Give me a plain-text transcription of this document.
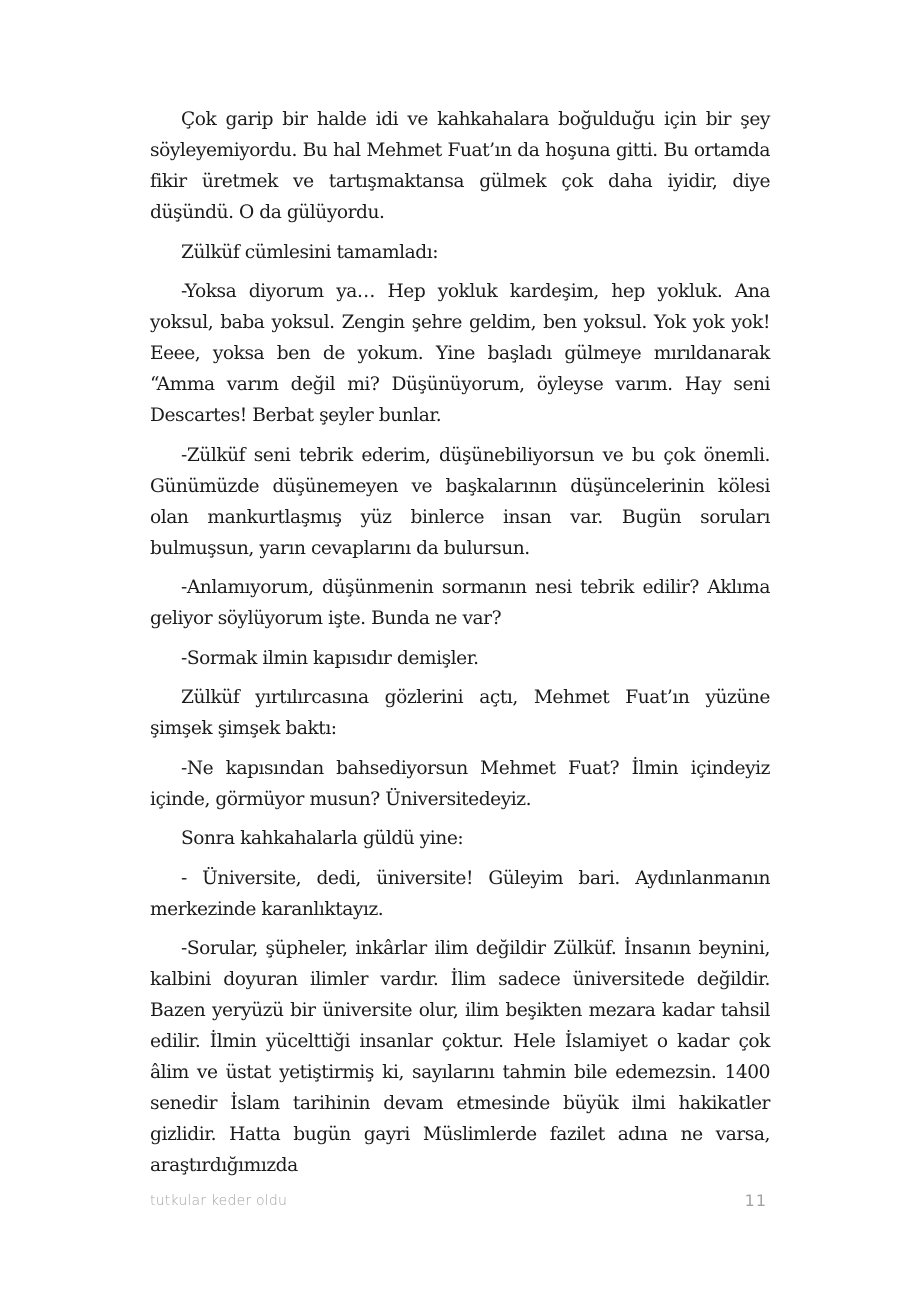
Çok garip bir halde idi ve kahkahalara boğulduğu için bir şey söyleyemiyordu. Bu hal Mehmet Fuat’ın da hoşuna gitti. Bu ortamda fikir üretmek ve tartışmaktansa gülmek çok daha iyidir, diye düşündü. O da gülüyordu.

Zülküf cümlesini tamamladı:

-Yoksa diyorum ya… Hep yokluk kardeşim, hep yokluk. Ana yoksul, baba yoksul. Zengin şehre geldim, ben yoksul. Yok yok yok! Eeee, yoksa ben de yokum. Yine başladı gülmeye mırıldanarak “Amma varım değil mi? Düşünüyorum, öyleyse varım. Hay seni Descartes! Berbat şeyler bunlar.

-Zülküf seni tebrik ederim, düşünebiliyorsun ve bu çok önemli. Günümüzde düşünemeyen ve başkalarının düşüncelerinin kölesi olan mankurtlaşmış yüz binlerce insan var. Bugün soruları bulmuşsun, yarın cevaplarını da bulursun.

-Anlamıyorum, düşünmenin sormanın nesi tebrik edilir? Aklıma geliyor söylüyorum işte. Bunda ne var?

-Sormak ilmin kapısıdır demişler.

Zülküf yırtılırcasına gözlerini açtı, Mehmet Fuat’ın yüzüne şimşek şimşek baktı:

-Ne kapısından bahsediyorsun Mehmet Fuat? İlmin içindeyiz içinde, görmüyor musun? Üniversitedeyiz.

Sonra kahkahalarla güldü yine:

- Üniversite, dedi, üniversite! Güleyim bari. Aydınlanmanın merkezinde karanlıktayız.

-Sorular, şüpheler, inkârlar ilim değildir Zülküf. İnsanın beynini, kalbini doyuran ilimler vardır. İlim sadece üniversitede değildir. Bazen yeryüzü bir üniversite olur, ilim beşikten mezara kadar tahsil edilir. İlmin yücelttiği insanlar çoktur. Hele İslamiyet o kadar çok âlim ve üstat yetiştirmiş ki, sayılarını tahmin bile edemezsin. 1400 senedir İslam tarihinin devam etmesinde büyük ilmi hakikatler gizlidir. Hatta bugün gayri Müslimlerde fazilet adına ne varsa, araştırdığımızda

tutkular keder oldu	11
